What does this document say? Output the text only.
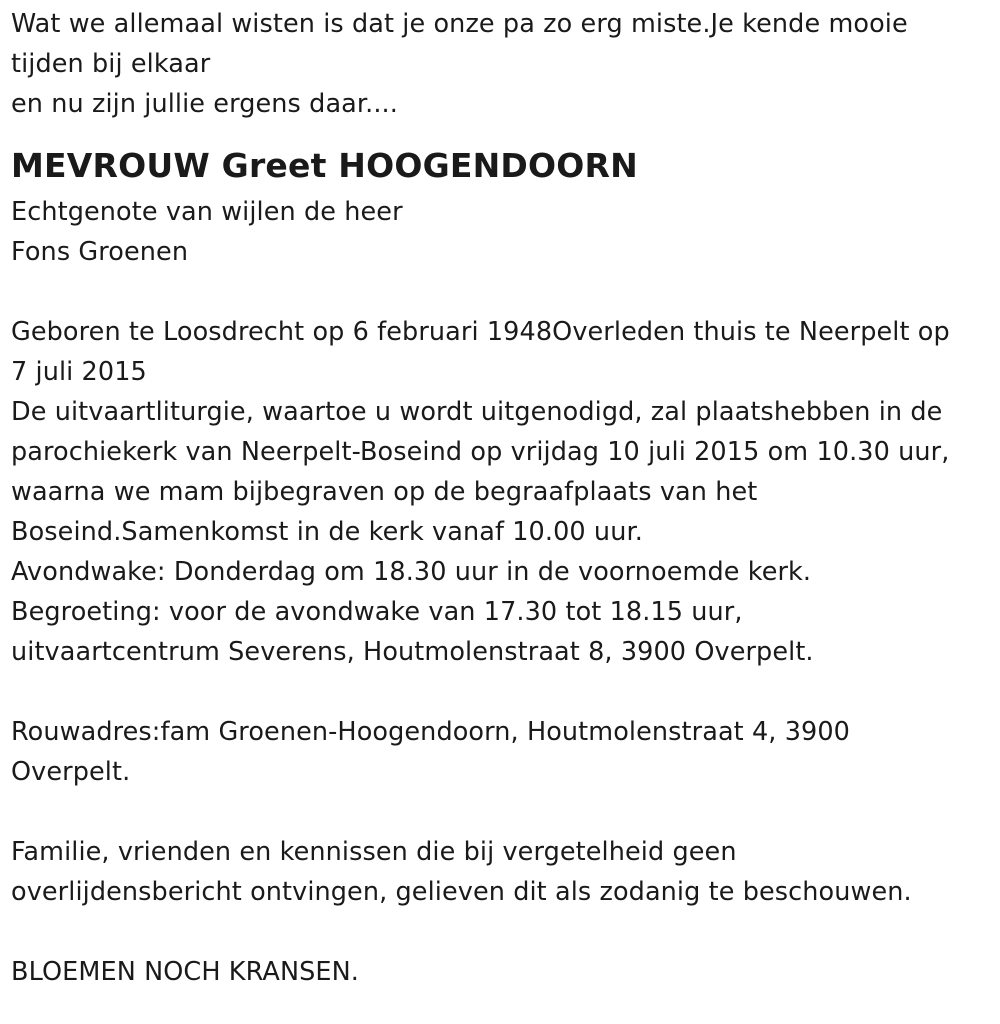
Wat we allemaal wisten is dat je onze pa zo erg miste.Je kende mooie
tijden bij elkaar
en nu zijn jullie ergens daar....
MEVROUW Greet HOOGENDOORN
Echtgenote van wijlen de heer
Fons Groenen
Geboren te Loosdrecht op 6 februari 1948Overleden thuis te Neerpelt op
7 juli 2015
De uitvaartliturgie, waartoe u wordt uitgenodigd, zal plaatshebben in de
parochiekerk van Neerpelt-Boseind op vrijdag 10 juli 2015 om 10.30 uur,
waarna we mam bijbegraven op de begraafplaats van het
Boseind.Samenkomst in de kerk vanaf 10.00 uur.
Avondwake: Donderdag om 18.30 uur in de voornoemde kerk.
Begroeting: voor de avondwake van 17.30 tot 18.15 uur,
uitvaartcentrum Severens, Houtmolenstraat 8, 3900 Overpelt.
Rouwadres:fam Groenen-Hoogendoorn, Houtmolenstraat 4, 3900
Overpelt.
Familie, vrienden en kennissen die bij vergetelheid geen
overlijdensbericht ontvingen, gelieven dit als zodanig te beschouwen.
BLOEMEN NOCH KRANSEN.
